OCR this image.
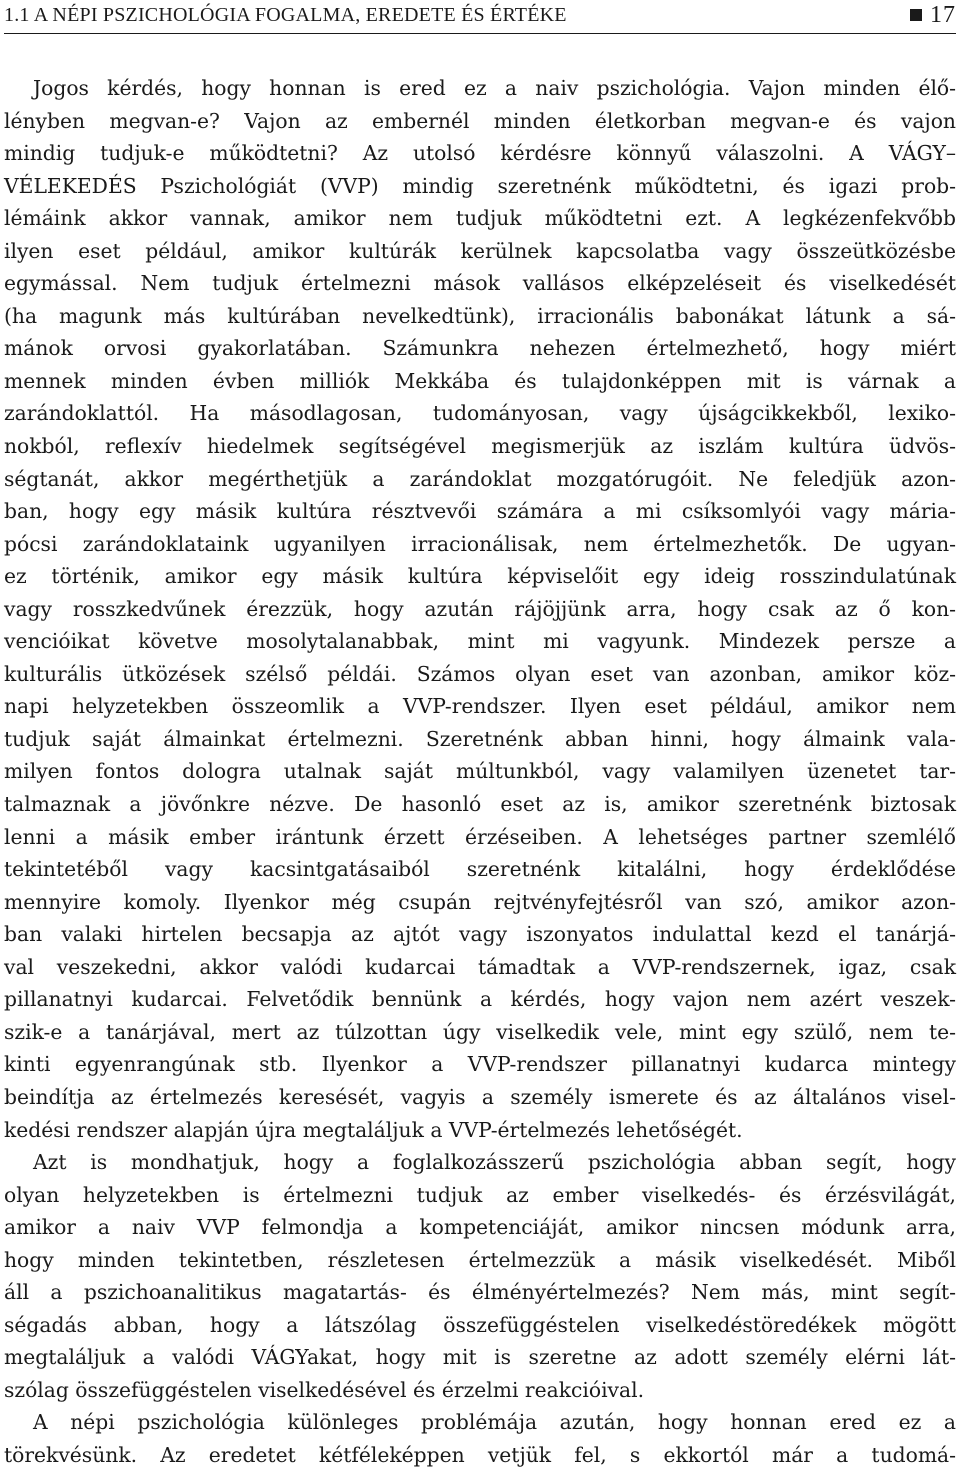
1.1 A NÉPI PSZICHOLÓGIA FOGALMA, EREDETE ÉS ÉRTÉKE	17
Jogos kérdés, hogy honnan is ered ez a naiv pszichológia. Vajon minden élő-
lényben megvan-e? Vajon az embernél minden életkorban megvan-e és vajon
mindig tudjuk-e működtetni? Az utolsó kérdésre könnyű válaszolni. A VÁGY–
VÉLEKEDÉS Pszichológiát (VVP) mindig szeretnénk működtetni, és igazi prob-
lémáink akkor vannak, amikor nem tudjuk működtetni ezt. A legkézenfekvőbb
ilyen eset például, amikor kultúrák kerülnek kapcsolatba vagy összeütközésbe
egymással. Nem tudjuk értelmezni mások vallásos elképzeléseit és viselkedését
(ha magunk más kultúrában nevelkedtünk), irracionális babonákat látunk a sá-
mánok orvosi gyakorlatában. Számunkra nehezen értelmezhető, hogy miért
mennek minden évben milliók Mekkába és tulajdonképpen mit is várnak a
zarándoklattól. Ha másodlagosan, tudományosan, vagy újságcikkekből, lexiko-
nokból, reflexív hiedelmek segítségével megismerjük az iszlám kultúra üdvös-
ségtanát, akkor megérthetjük a zarándoklat mozgatórugóit. Ne feledjük azon-
ban, hogy egy másik kultúra résztvevői számára a mi csíksomlyói vagy mária-
pócsi zarándoklataink ugyanilyen irracionálisak, nem értelmezhetők. De ugyan-
ez történik, amikor egy másik kultúra képviselőit egy ideig rosszindulatúnak
vagy rosszkedvűnek érezzük, hogy azután rájöjjünk arra, hogy csak az ő kon-
vencióikat követve mosolytalanabbak, mint mi vagyunk. Mindezek persze a
kulturális ütközések szélső példái. Számos olyan eset van azonban, amikor köz-
napi helyzetekben összeomlik a VVP-rendszer. Ilyen eset például, amikor nem
tudjuk saját álmainkat értelmezni. Szeretnénk abban hinni, hogy álmaink vala-
milyen fontos dologra utalnak saját múltunkból, vagy valamilyen üzenetet tar-
talmaznak a jövőnkre nézve. De hasonló eset az is, amikor szeretnénk biztosak
lenni a másik ember irántunk érzett érzéseiben. A lehetséges partner szemlélő
tekintetéből vagy kacsintgatásaiból szeretnénk kitalálni, hogy érdeklődése
mennyire komoly. Ilyenkor még csupán rejtvényfejtésről van szó, amikor azon-
ban valaki hirtelen becsapja az ajtót vagy iszonyatos indulattal kezd el tanárjá-
val veszekedni, akkor valódi kudarcai támadtak a VVP-rendszernek, igaz, csak
pillanatnyi kudarcai. Felvetődik bennünk a kérdés, hogy vajon nem azért veszek-
szik-e a tanárjával, mert az túlzottan úgy viselkedik vele, mint egy szülő, nem te-
kinti egyenrangúnak stb. Ilyenkor a VVP-rendszer pillanatnyi kudarca mintegy
beindítja az értelmezés keresését, vagyis a személy ismerete és az általános visel-
kedési rendszer alapján újra megtaláljuk a VVP-értelmezés lehetőségét.
Azt is mondhatjuk, hogy a foglalkozásszerű pszichológia abban segít, hogy
olyan helyzetekben is értelmezni tudjuk az ember viselkedés- és érzésvilágát,
amikor a naiv VVP felmondja a kompetenciáját, amikor nincsen módunk arra,
hogy minden tekintetben, részletesen értelmezzük a másik viselkedését. Miből
áll a pszichoanalitikus magatartás- és élményértelmezés? Nem más, mint segít-
ségadás abban, hogy a látszólag összefüggéstelen viselkedéstöredékek mögött
megtaláljuk a valódi VÁGYakat, hogy mit is szeretne az adott személy elérni lát-
szólag összefüggéstelen viselkedésével és érzelmi reakcióival.
A népi pszichológia különleges problémája azután, hogy honnan ered ez a
törekvésünk. Az eredetet kétféleképpen vetjük fel, s ekkortól már a tudomá-
